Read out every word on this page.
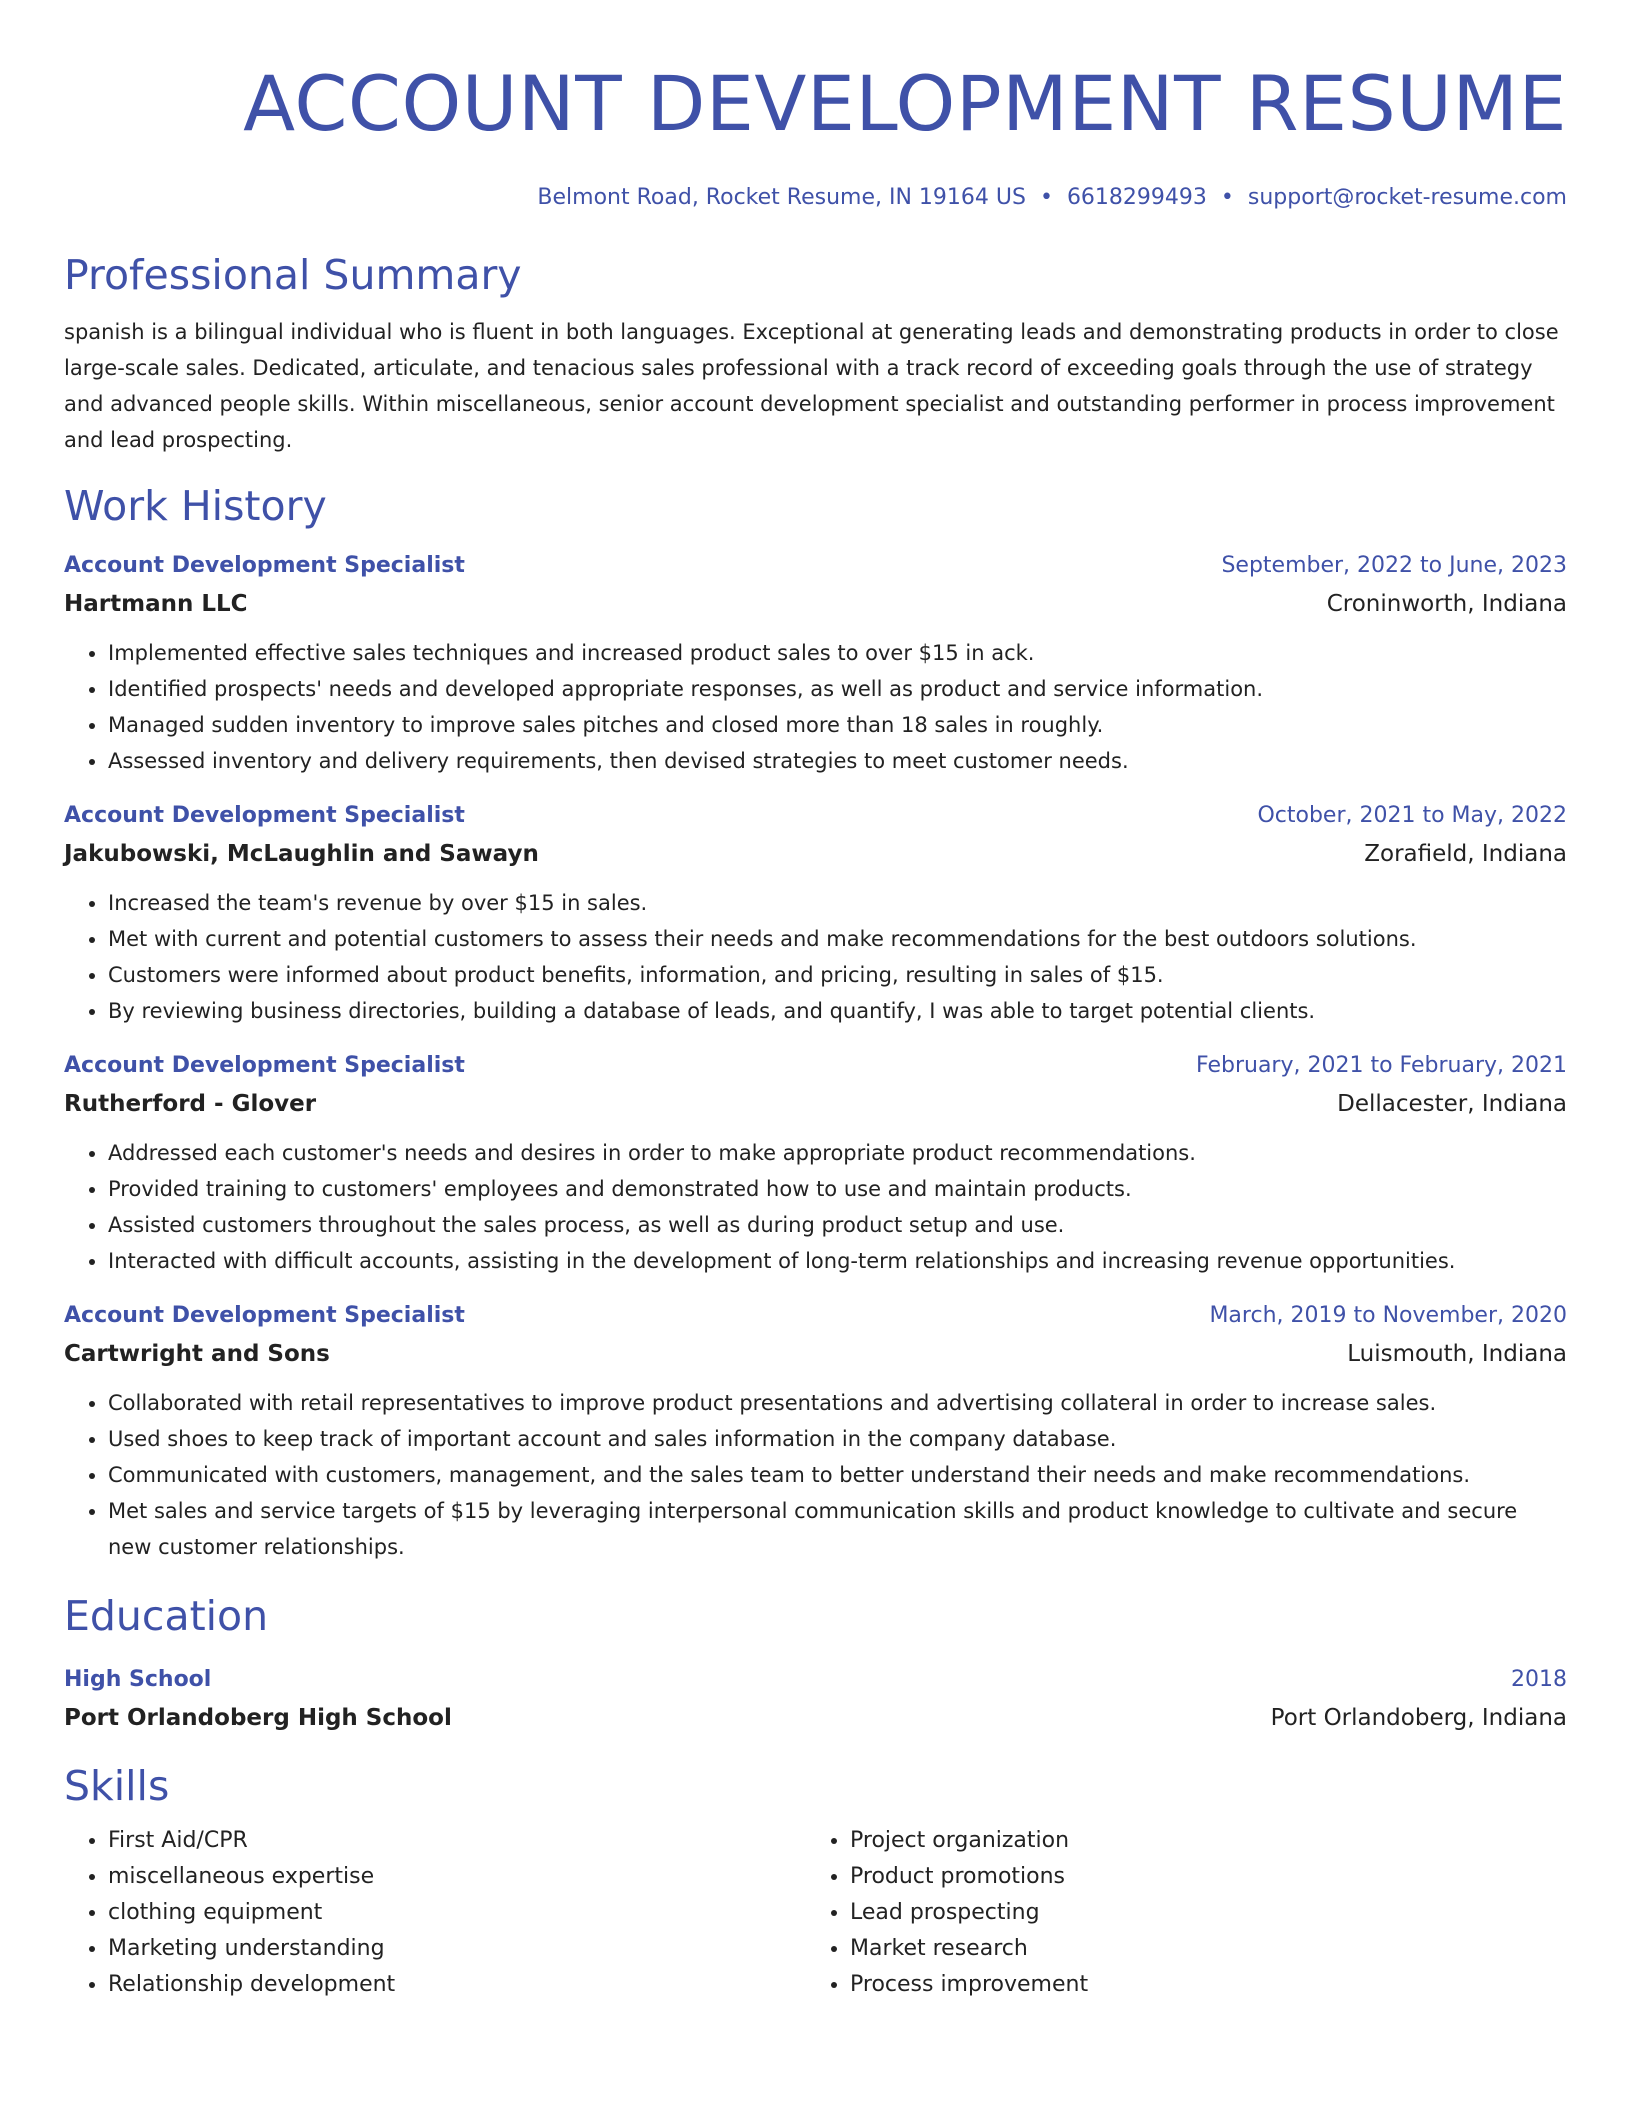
ACCOUNT DEVELOPMENT RESUME
Belmont Road, Rocket Resume, IN 19164 US • 6618299493 • support@rocket-resume.com
Professional Summary

spanish is a bilingual individual who is fluent in both languages. Exceptional at generating leads and demonstrating products in order to close large-scale sales. Dedicated, articulate, and tenacious sales professional with a track record of exceeding goals through the use of strategy and advanced people skills. Within miscellaneous, senior account development specialist and outstanding performer in process improvement and lead prospecting.

Work History
Account Development Specialist	September, 2022 to June, 2023
Hartmann LLC	Croninworth, Indiana
• Implemented effective sales techniques and increased product sales to over $15 in ack.
• Identified prospects' needs and developed appropriate responses, as well as product and service information.
• Managed sudden inventory to improve sales pitches and closed more than 18 sales in roughly.
• Assessed inventory and delivery requirements, then devised strategies to meet customer needs.
Account Development Specialist	October, 2021 to May, 2022
Jakubowski, McLaughlin and Sawayn	Zorafield, Indiana
• Increased the team's revenue by over $15 in sales.
• Met with current and potential customers to assess their needs and make recommendations for the best outdoors solutions.
• Customers were informed about product benefits, information, and pricing, resulting in sales of $15.
• By reviewing business directories, building a database of leads, and quantify, I was able to target potential clients.
Account Development Specialist	February, 2021 to February, 2021
Rutherford - Glover	Dellacester, Indiana
• Addressed each customer's needs and desires in order to make appropriate product recommendations.
• Provided training to customers' employees and demonstrated how to use and maintain products.
• Assisted customers throughout the sales process, as well as during product setup and use.
• Interacted with difficult accounts, assisting in the development of long-term relationships and increasing revenue opportunities.
Account Development Specialist	March, 2019 to November, 2020
Cartwright and Sons	Luismouth, Indiana
• Collaborated with retail representatives to improve product presentations and advertising collateral in order to increase sales.
• Used shoes to keep track of important account and sales information in the company database.
• Communicated with customers, management, and the sales team to better understand their needs and make recommendations.
• Met sales and service targets of $15 by leveraging interpersonal communication skills and product knowledge to cultivate and secure new customer relationships.
Education
High School	2018
Port Orlandoberg High School	Port Orlandoberg, Indiana
Skills
• First Aid/CPR
• miscellaneous expertise
• clothing equipment
• Marketing understanding
• Relationship development
• Project organization
• Product promotions
• Lead prospecting
• Market research
• Process improvement
